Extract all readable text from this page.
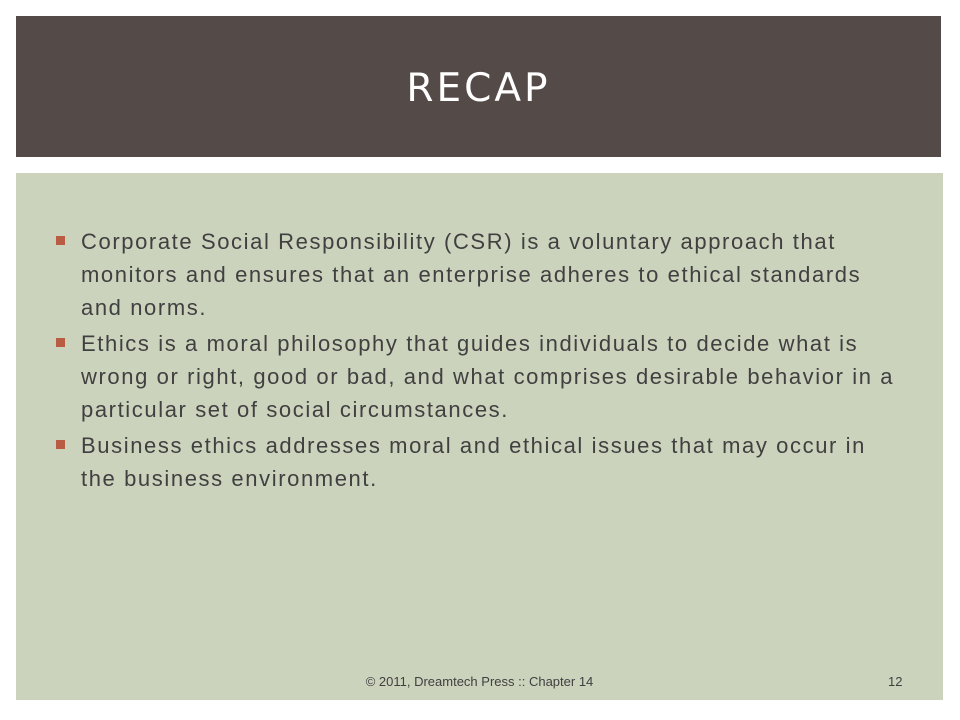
RECAP
Corporate Social Responsibility (CSR) is a voluntary approach that monitors and ensures that an enterprise adheres to ethical standards and norms.
Ethics is a moral philosophy that guides individuals to decide what is wrong or right, good or bad, and what comprises desirable behavior in a particular set of social circumstances.
Business ethics addresses moral and ethical issues that may occur in the business environment.
© 2011, Dreamtech Press :: Chapter 14	12
